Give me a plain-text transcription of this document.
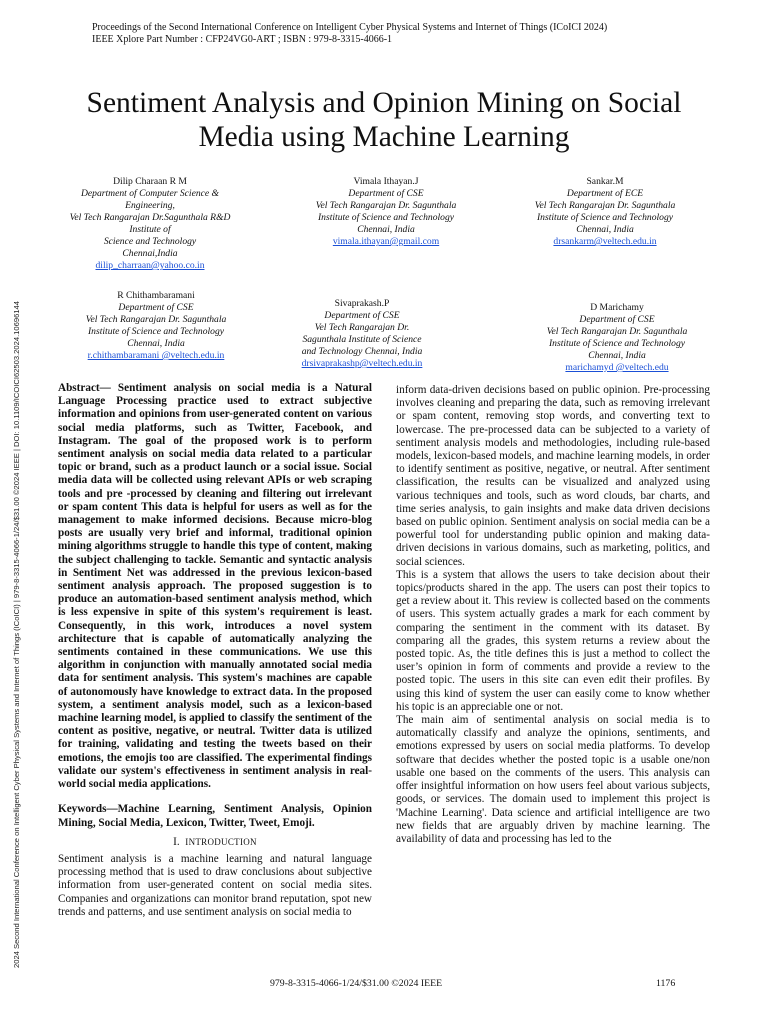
Proceedings of the Second International Conference on Intelligent Cyber Physical Systems and Internet of Things (ICoICI 2024)
IEEE Xplore Part Number : CFP24VG0-ART ; ISBN : 979-8-3315-4066-1
2024 Second International Conference on Intelligent Cyber Physical Systems and Internet of Things (ICoICI) | 979-8-3315-4066-1/24/$31.00 ©2024 IEEE | DOI: 10.1109/ICOICI62503.2024.10696144
Sentiment Analysis and Opinion Mining on Social
Media using Machine Learning
Dilip Charaan R M
Department of Computer Science &
Engineering,
Vel Tech Rangarajan Dr.Sagunthala R&D
Institute of
Science and Technology
Chennai,India
dilip_charraan@yahoo.co.in
Vimala Ithayan.J
Department of CSE
Vel Tech Rangarajan Dr. Sagunthala
Institute of Science and Technology
Chennai, India
vimala.ithayan@gmail.com
Sankar.M
Department of ECE
Vel Tech Rangarajan Dr. Sagunthala
Institute of Science and Technology
Chennai, India
drsankarm@veltech.edu.in
R Chithambaramani
Department of CSE
Vel Tech Rangarajan Dr. Sagunthala
Institute of Science and Technology
Chennai, India
r.chithambaramani @veltech.edu.in
Sivaprakash.P
Department of CSE
Vel Tech Rangarajan Dr.
Sagunthala Institute of Science
and Technology Chennai, India
drsivaprakashp@veltech.edu.in
D Marichamy
Department of CSE
Vel Tech Rangarajan Dr. Sagunthala
Institute of Science and Technology
Chennai, India
marichamyd @veltech.edu

Abstract— Sentiment analysis on social media is a Natural Language Processing practice used to extract subjective information and opinions from user-generated content on various social media platforms, such as Twitter, Facebook, and Instagram. The goal of the proposed work is to perform sentiment analysis on social media data related to a particular topic or brand, such as a product launch or a social issue. Social media data will be collected using relevant APIs or web scraping tools and pre -processed by cleaning and filtering out irrelevant or spam content This data is helpful for users as well as for the management to make informed decisions. Because micro-blog posts are usually very brief and informal, traditional opinion mining algorithms struggle to handle this type of content, making the subject challenging to tackle. Semantic and syntactic analysis in Sentiment Net was addressed in the previous lexicon-based sentiment analysis approach. The proposed suggestion is to produce an automation-based sentiment analysis method, which is less expensive in spite of this system's requirement is least. Consequently, in this work, introduces a novel system architecture that is capable of automatically analyzing the sentiments contained in these communications. We use this algorithm in conjunction with manually annotated social media data for sentiment analysis. This system's machines are capable of autonomously have knowledge to extract data. In the proposed system, a sentiment analysis model, such as a lexicon-based machine learning model, is applied to classify the sentiment of the content as positive, negative, or neutral. Twitter data is utilized for training, validating and testing the tweets based on their emotions, the emojis too are classified. The experimental findings validate our system's effectiveness in sentiment analysis in real-world social media applications.

Keywords—Machine Learning, Sentiment Analysis, Opinion Mining, Social Media, Lexicon, Twitter, Tweet, Emoji.

I. INTRODUCTION

Sentiment analysis is a machine learning and natural language processing method that is used to draw conclusions about subjective information from user-generated content on social media sites. Companies and organizations can monitor brand reputation, spot new trends and patterns, and use sentiment analysis on social media to

inform data-driven decisions based on public opinion. Pre-processing involves cleaning and preparing the data, such as removing irrelevant or spam content, removing stop words, and converting text to lowercase. The pre-processed data can be subjected to a variety of sentiment analysis models and methodologies, including rule-based models, lexicon-based models, and machine learning models, in order to identify sentiment as positive, negative, or neutral. After sentiment classification, the results can be visualized and analyzed using various techniques and tools, such as word clouds, bar charts, and time series analysis, to gain insights and make data driven decisions based on public opinion. Sentiment analysis on social media can be a powerful tool for understanding public opinion and making data-driven decisions in various domains, such as marketing, politics, and social sciences.

This is a system that allows the users to take decision about their topics/products shared in the app. The users can post their topics to get a review about it. This review is collected based on the comments of users. This system actually grades a mark for each comment by comparing the sentiment in the comment with its dataset. By comparing all the grades, this system returns a review about the posted topic. As, the title defines this is just a method to collect the user’s opinion in form of comments and provide a review to the posted topic. The users in this site can even edit their profiles. By using this kind of system the user can easily come to know whether his topic is an appreciable one or not.

The main aim of sentimental analysis on social media is to automatically classify and analyze the opinions, sentiments, and emotions expressed by users on social media platforms. To develop software that decides whether the posted topic is a usable one/non usable one based on the comments of the users. This analysis can offer insightful information on how users feel about various subjects, goods, or services. The domain used to implement this project is 'Machine Learning'. Data science and artificial intelligence are two new fields that are arguably driven by machine learning. The availability of data and processing has led to the

979-8-3315-4066-1/24/$31.00 ©2024 IEEE	1176
